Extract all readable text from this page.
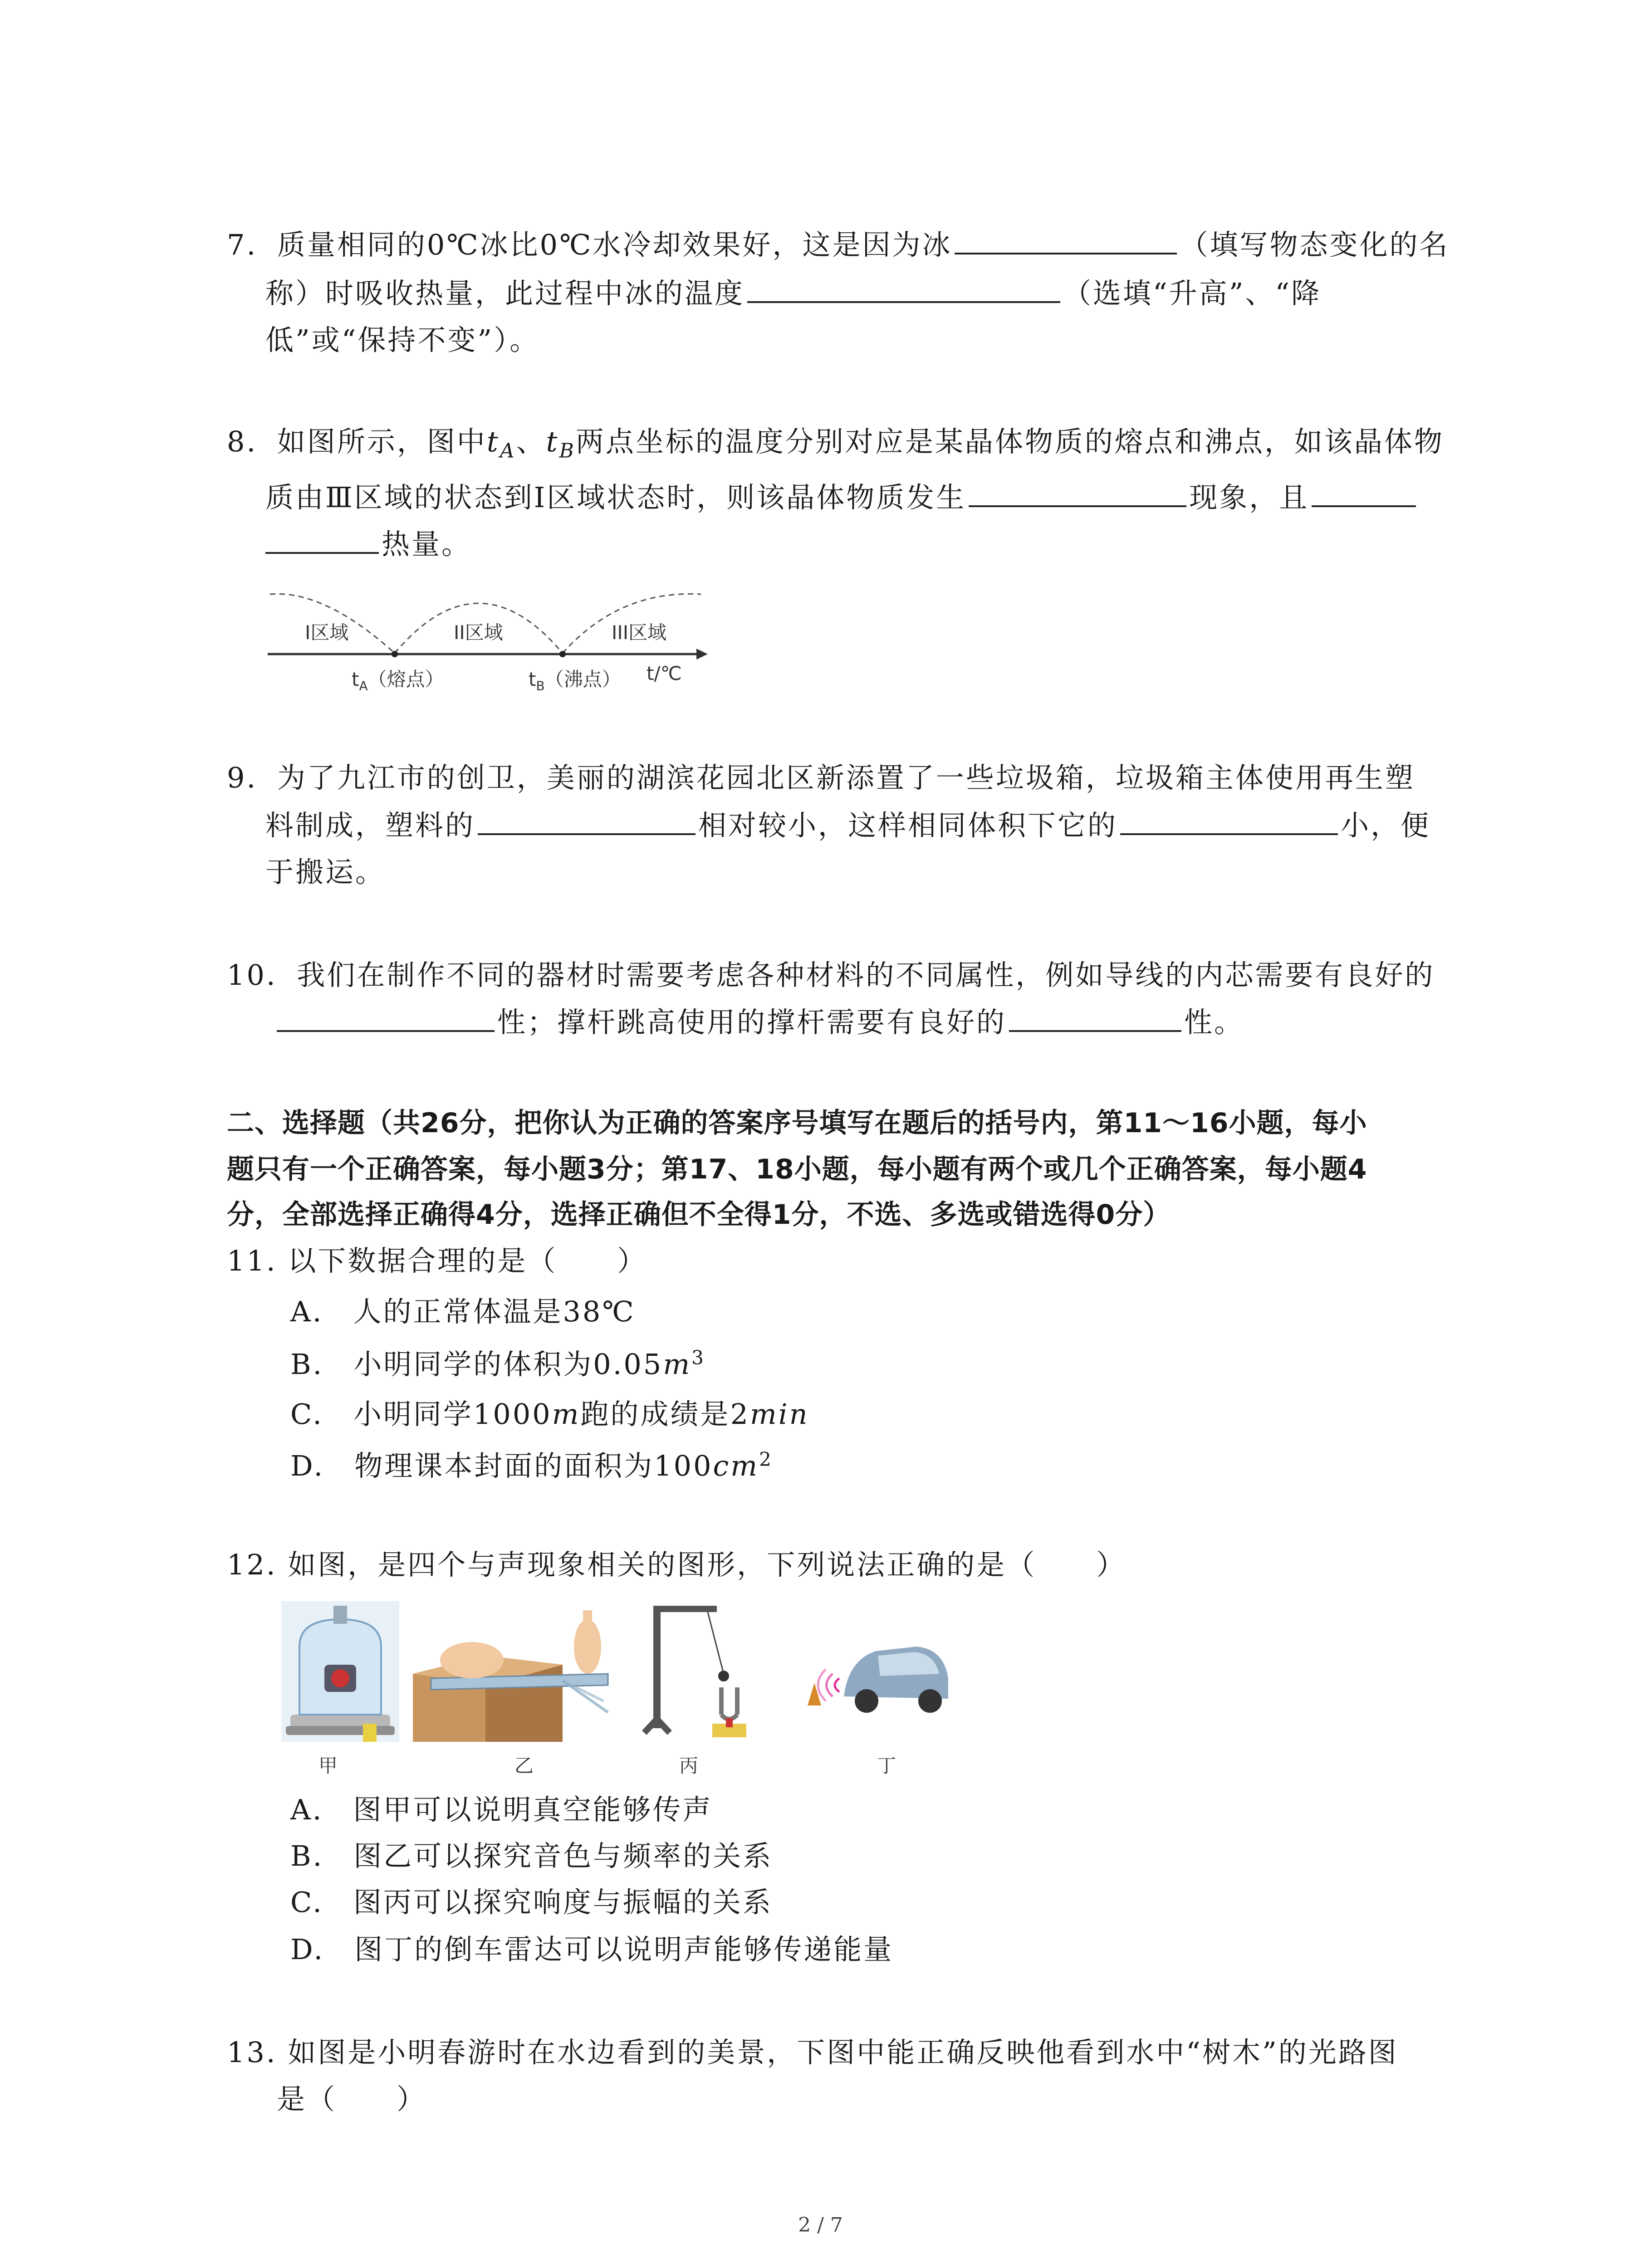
7. 质量相同的0℃冰比0℃水冷却效果好，这是因为冰	（填写物态变化的名
称）时吸收热量，此过程中冰的温度	（选填“升高”、“降
低”或“保持不变”）。
8. 如图所示，图中$t_A$、$t_B$两点坐标的温度分别对应是某晶体物质的熔点和沸点，如该晶体物
质由Ⅲ区域的状态到Ⅰ区域状态时，则该晶体物质发生	现象，且
热量。
Ⅰ区域	II区域	III区域
$t_A$（熔点）	$t_B$（沸点） t/℃
9. 为了九江市的创卫，美丽的湖滨花园北区新添置了一些垃圾箱，垃圾箱主体使用再生塑
料制成，塑料的	相对较小，这样相同体积下它的	小，便
于搬运。
10. 我们在制作不同的器材时需要考虑各种材料的不同属性，例如导线的内芯需要有良好的
性；撑杆跳高使用的撑杆需要有良好的	性。
二、选择题（共26分，把你认为正确的答案序号填写在题后的括号内，第11～16小题，每小
题只有一个正确答案，每小题3分；第17、18小题，每小题有两个或几个正确答案，每小题4
分，全部选择正确得4分，选择正确但不全得1分，不选、多选或错选得0分）
11. 以下数据合理的是（　　）
A.　人的正常体温是38℃
B.　小明同学的体积为$0.05m^3$
C.　小明同学1000m跑的成绩是2min
D.　物理课本封面的面积为$100cm^2$
12. 如图，是四个与声现象相关的图形，下列说法正确的是（　　）
甲	乙	丙	丁
A.　图甲可以说明真空能够传声
B.　图乙可以探究音色与频率的关系
C.　图丙可以探究响度与振幅的关系
D.　图丁的倒车雷达可以说明声能够传递能量
13. 如图是小明春游时在水边看到的美景，下图中能正确反映他看到水中“树木”的光路图
是（　　）
2 / 7
